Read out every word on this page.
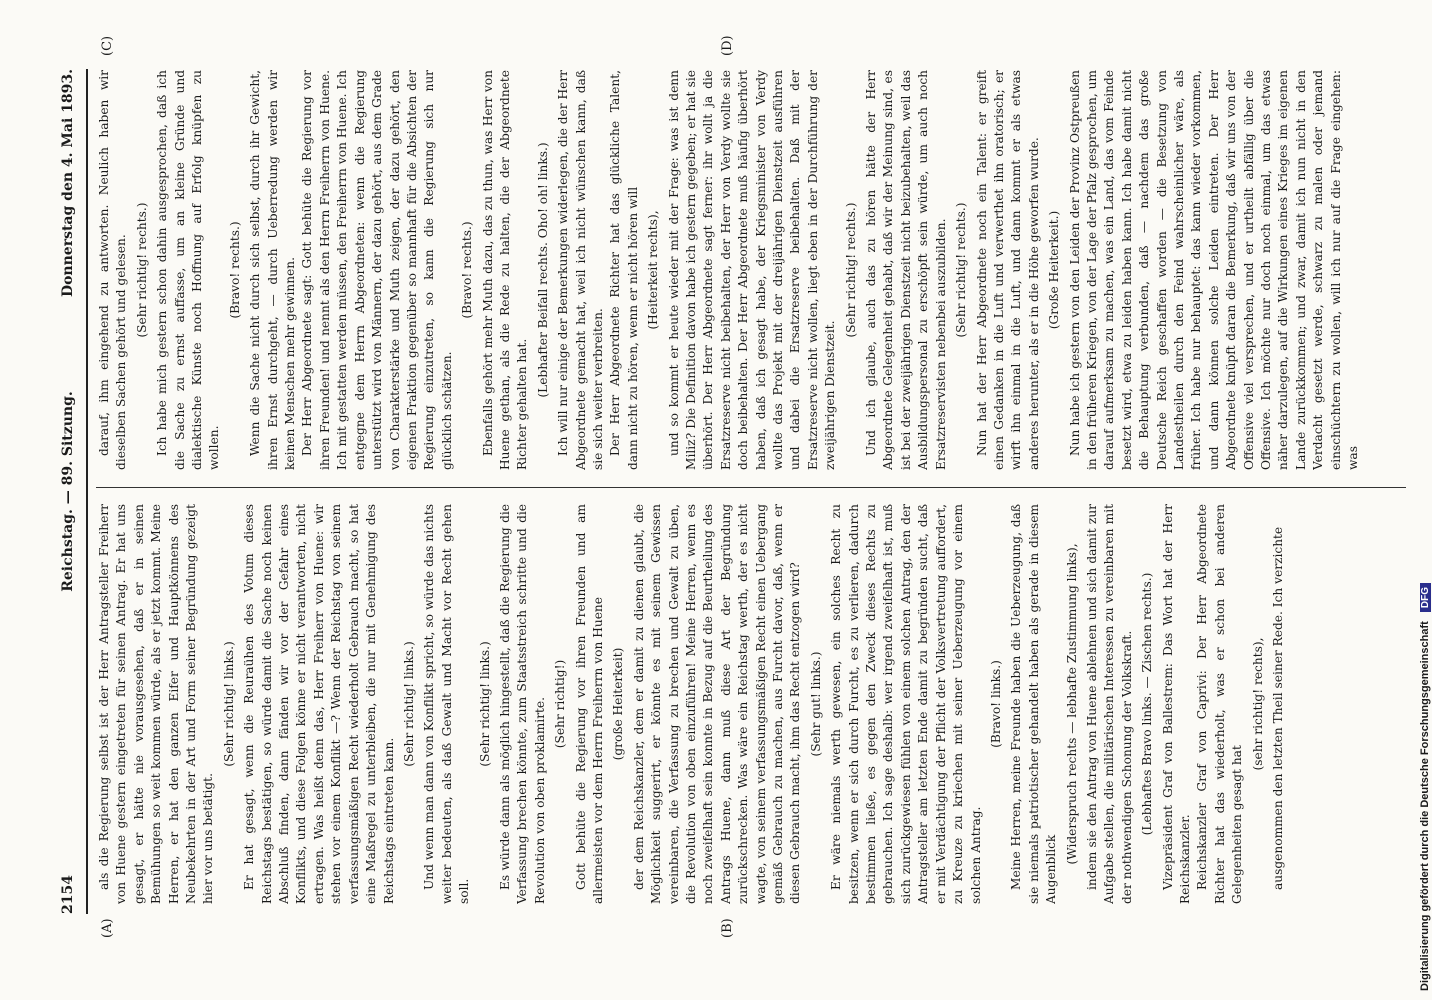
2154
Reichstag. — 89. Sitzung.
Donnerstag den 4. Mai 1893.
(A)	(B)
(C)	(D)

als die Regierung selbst ist der Herr Antragsteller Freiherr von Huene gestern eingetreten für seinen Antrag. Er hat uns gesagt, er hätte nie vorausgesehen, daß er in seinen Bemühungen so weit kommen würde, als er jetzt kommt. Meine Herren, er hat den ganzen Eifer und Hauptkönnens des Neubekehrten in der Art und Form seiner Begründung gezeigt hier vor uns betätigt.

(Sehr richtig! links.) Er hat gesagt, wenn die Reuraühen des Votum dieses Reichstags bestätigen, so würde damit die Sache noch keinen Abschluß finden, dann fänden wir vor der Gefahr eines Konflikts, und diese Folgen könne er nicht verantworten, nicht ertragen. Was heißt denn das, Herr Freiherr von Huene: wir stehen vor einem Konflikt —? Wenn der Reichstag von seinem verfassungsmäßigen Recht wiederholt Gebrauch macht, so hat eine Maßregel zu unterbleiben, die nur mit Genehmigung des Reichstags eintreten kann.

(Sehr richtig! links.) Und wenn man dann von Konflikt spricht, so würde das nichts weiter bedeuten, als daß Gewalt und Macht vor Recht gehen soll.

(Sehr richtig! links.) Es würde dann als möglich hingestellt, daß die Regierung die Verfassung brechen könnte, zum Staatsstreich schritte und die Revolution von oben proklamirte. (Sehr richtig!) Gott behüte die Regierung vor ihren Freunden und am allermeisten vor dem Herrn Freiherrn von Huene (große Heiterkeit) der dem Reichskanzler, dem er damit zu dienen glaubt, die Möglichkeit suggerirt, er könnte es mit seinem Gewissen vereinbaren, die Verfassung zu brechen und Gewalt zu üben, die Revolution von oben einzuführen! Meine Herren, wenn es noch zweifelhaft sein konnte in Bezug auf die Beurtheilung des Antrags Huene, dann muß diese Art der Begründung zurückschrecken. Was wäre ein Reichstag werth, der es nicht wagte, von seinem verfassungsmäßigen Recht einen Uebergang gemäß Gebrauch zu machen, aus Furcht davor, daß, wenn er diesen Gebrauch macht, ihm das Recht entzogen wird? (Sehr gut! links.) Er wäre niemals werth gewesen, ein solches Recht zu besitzen, wenn er sich durch Furcht, es zu verlieren, dadurch bestimmen ließe, es gegen den Zweck dieses Rechts zu gebrauchen. Ich sage deshalb: wer irgend zweifelhaft ist, muß sich zurückgewiesen fühlen von einem solchen Antrag, den der Antragsteller am letzten Ende damit zu begründen sucht, daß er mit Verdächtigung der Pflicht der Volksvertretung auffordert, zu Kreuze zu kriechen mit seiner Ueberzeugung vor einem solchen Antrag.

(Bravo! links.) Meine Herren, meine Freunde haben die Ueberzeugung, daß sie niemals patriotischer gehandelt haben als gerade in diesem Augenblick

(Widerspruch rechts — lebhafte Zustimmung links), indem sie den Antrag von Huene ablehnen und sich damit zur Aufgabe stellen, die militärischen Interessen zu vereinbaren mit der nothwendigen Schonung der Volkskraft. (Lebhaftes Bravo links. — Zischen rechts.) Vizepräsident Graf von Ballestrem: Das Wort hat der Herr Reichskanzler. Reichskanzler Graf von Caprivi: Der Herr Abgeordnete Richter hat das wiederholt, was er schon bei anderen Gelegenheiten gesagt hat

(sehr richtig! rechts), ausgenommen den letzten Theil seiner Rede. Ich verzichte

darauf, ihm eingehend zu antworten. Neulich haben wir dieselben Sachen gehört und gelesen. (Sehr richtig! rechts.) Ich habe mich gestern schon dahin ausgesprochen, daß ich die Sache zu ernst auffasse, um an kleine Gründe und dialektische Künste noch Hoffnung auf Erfolg knüpfen zu wollen.

(Bravo! rechts.) Wenn die Sache nicht durch sich selbst, durch ihr Gewicht, ihren Ernst durchgeht, — durch Ueberredung werden wir keinen Menschen mehr gewinnen. Der Herr Abgeordnete sagt: Gott behüte die Regierung vor ihren Freunden! und nennt als den Herrn Freiherrn von Huene. Ich mit gestatten werden müssen, den Freiherrn von Huene. Ich entgegne dem Herrn Abgeordneten: wenn die Regierung unterstützt wird von Männern, der dazu gehört, aus dem Grade von Charakterstärke und Muth zeigen, der dazu gehört, den eigenen Fraktion gegenüber so mannhaft für die Absichten der Regierung einzutreten, so kann die Regierung sich nur glücklich schätzen.

(Bravo! rechts.) Ebenfalls gehört mehr Muth dazu, das zu thun, was Herr von Huene gethan, als die Rede zu halten, die der Abgeordnete Richter gehalten hat.

(Lebhafter Beifall rechts. Oho! oh! links.) Ich will nur einige der Bemerkungen widerlegen, die der Herr Abgeordnete gemacht hat, weil ich nicht wünschen kann, daß sie sich weiter verbreiten. Der Herr Abgeordnete Richter hat das glückliche Talent, dann nicht zu hören, wenn er nicht hören will (Heiterkeit rechts), und so kommt er heute wieder mit der Frage: was ist denn Miliz? Die Definition davon habe ich gestern gegeben; er hat sie überhört. Der Herr Abgeordnete sagt ferner: ihr wollt ja die Ersatzreserve nicht beibehalten, der Herr von Verdy wollte sie doch beibehalten. Der Herr Abgeordnete muß häufig überhört haben, daß ich gesagt habe, der Kriegsminister von Verdy wollte das Projekt mit der dreijährigen Dienstzeit ausführen und dabei die Ersatzreserve beibehalten. Daß mit der Ersatzreserve nicht wollen, liegt eben in der Durchführung der zweijährigen Dienstzeit.

(Sehr richtig! rechts.) Und ich glaube, auch das zu hören hätte der Herr Abgeordnete Gelegenheit gehabt, daß wir der Meinung sind, es ist bei der zweijährigen Dienstzeit nicht beizubehalten, weil das Ausbildungspersonal zu erschöpft sein würde, um auch noch Ersatzreservisten nebenbei auszubilden. (Sehr richtig! rechts.) Nun hat der Herr Abgeordnete noch ein Talent: er greift einen Gedanken in die Luft und verwerthet ihn oratorisch; er wirft ihn einmal in die Luft, und dann kommt er als etwas anderes herunter, als er in die Höhe geworfen wurde. (Große Heiterkeit.) Nun habe ich gestern von den Leiden der Provinz Ostpreußen in den früheren Kriegen, von der Lage der Pfalz gesprochen, um darauf aufmerksam zu machen, was ein Land, das vom Feinde besetzt wird, etwa zu leiden haben kann. Ich habe damit nicht die Behauptung verbunden, daß — nachdem das große Deutsche Reich geschaffen worden — die Besetzung von Landestheilen durch den Feind wahrscheinlicher wäre, als früher. Ich habe nur behauptet: das kann wieder vorkommen, und dann können solche Leiden eintreten. Der Herr Abgeordnete knüpft daran die Bemerkung, daß wir uns von der Offensive viel versprechen, und er urtheilt abfällig über die Offensive. Ich möchte nur doch noch einmal, um das etwas näher darzulegen, auf die Wirkungen eines Krieges im eigenen Lande zurückkommen; und zwar, damit ich nun nicht in den Verdacht gesetzt werde, schwarz zu malen oder jemand einschüchtern zu wollen, will ich nur auf die Frage eingehen: was

Digitalisierung gefördert durch die Deutsche Forschungsgemeinschaft DFG
